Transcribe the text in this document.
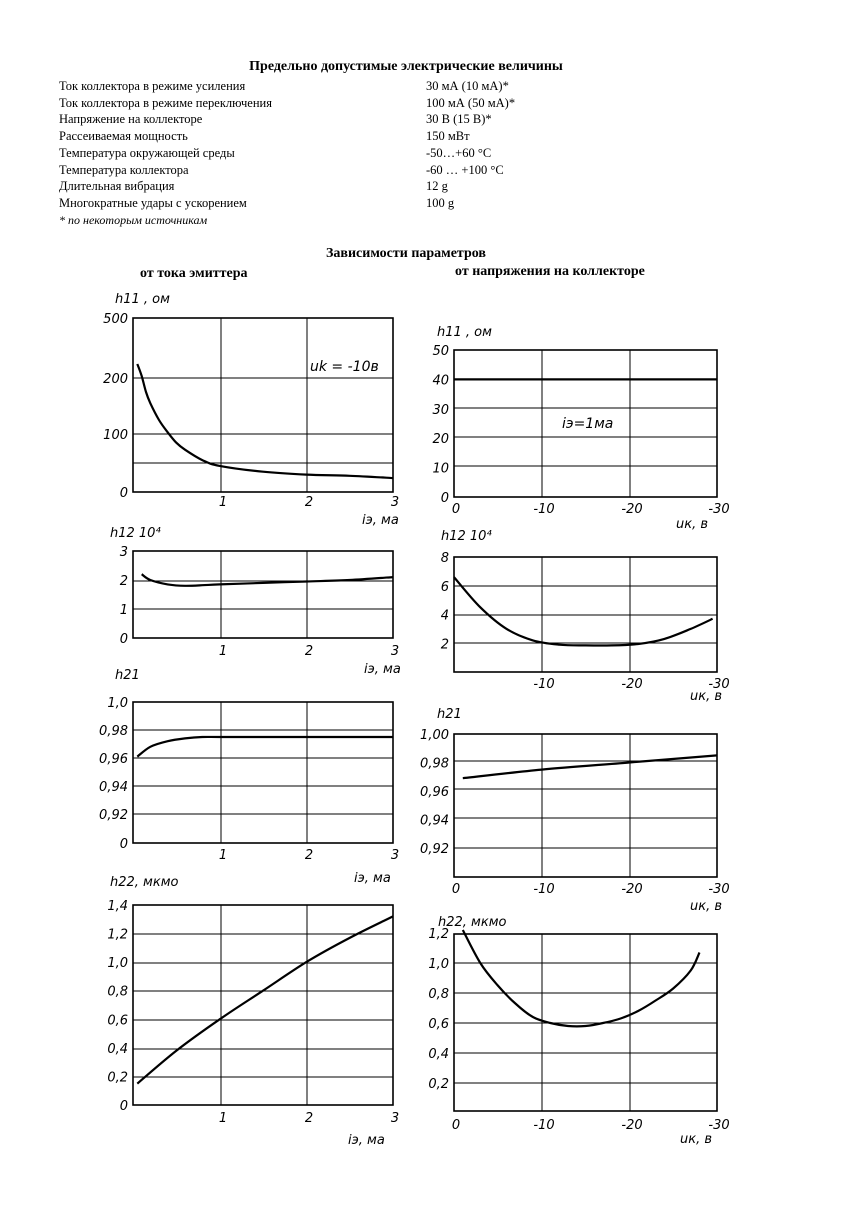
Предельно допустимые электрические величины
Ток коллектора в режиме усиления	30 мА (10 мА)*
Ток коллектора в режиме переключения	100 мА (50 мА)*
Напряжение на коллекторе	30 В (15 В)*
Рассеиваемая мощность	150 мВт
Температура окружающей среды	-50…+60 °C
Температура коллектора	-60 … +100 °C
Длительная вибрация	12 g
Многократные удары с ускорением	100 g
* по некоторым источникам
Зависимости параметров
от тока эмиттера	от напряжения на коллекторе
0
100
200
500
1	2	3
h11 , ом
iэ, ма
uk = -10в
0
1
2
3
1	2	3
h12 10⁴
iэ, ма
0
0,92
0,94
0,96
0,98
1,0
1	2	3
h21
iэ, ма
0
0,2
0,4
0,6
0,8
1,0
1,2
1,4
1	2	3
h22, мкмо
iэ, ма
0
10
20
30
40
50
0	-10	-20	-30
h11 , ом
uк, в
iэ=1ма
2
4
6
8
-10	-20	-30
h12 10⁴
uк, в
0,92
0,94
0,96
0,98
1,00
0	-10	-20	-30
h21
uк, в
0,2
0,4
0,6
0,8
1,0
1,2
0	-10	-20	-30
h22, мкмо
uк, в
